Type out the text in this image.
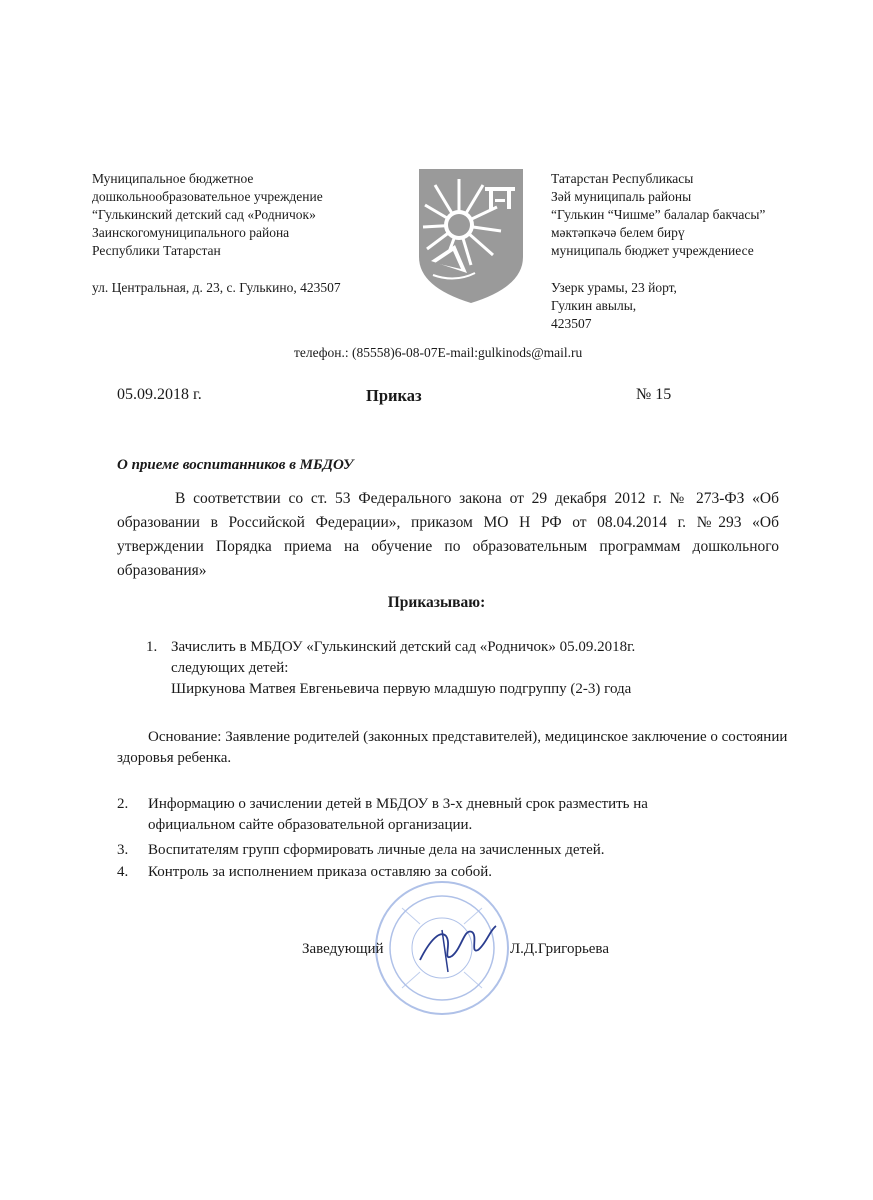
Муниципальное бюджетное
дошкольнообразовательное учреждение
“Гулькинский детский сад «Родничок»
Заинскогомуниципального района
Республики Татарстан
ул. Центральная, д. 23, с. Гулькино, 423507
Татарстан Республикасы
Зәй муниципаль районы
“Гулькин “Чишме” балалар бакчасы”
мәктәпкәчә белем бирү
муниципаль бюджет учреждениесе
Узерк урамы, 23 йорт,
Гулкин авылы,
423507
телефон.: (85558)6-08-07E-mail:gulkinods@mail.ru
05.09.2018 г.	Приказ	№ 15
О приеме воспитанников в МБДОУ
В соответствии со ст. 53 Федерального закона от 29 декабря 2012 г. № 273-ФЗ «Об образовании в Российской Федерации», приказом МО Н РФ от 08.04.2014 г. №293 «Об утверждении Порядка приема на обучение по образовательным программам дошкольного образования»
Приказываю:
1. Зачислить в МБДОУ «Гулькинский детский сад «Родничок» 05.09.2018г.
следующих детей:
Ширкунова Матвея Евгеньевича первую младшую подгруппу (2-3) года
Основание: Заявление родителей (законных представителей), медицинское заключение о состоянии здоровья ребенка.
2. Информацию о зачислении детей в МБДОУ в 3-х дневный срок разместить на
официальном сайте образовательной организации.
3. Воспитателям групп сформировать личные дела на зачисленных детей.
4. Контроль за исполнением приказа оставляю за собой.
Заведующий	Л.Д.Григорьева
